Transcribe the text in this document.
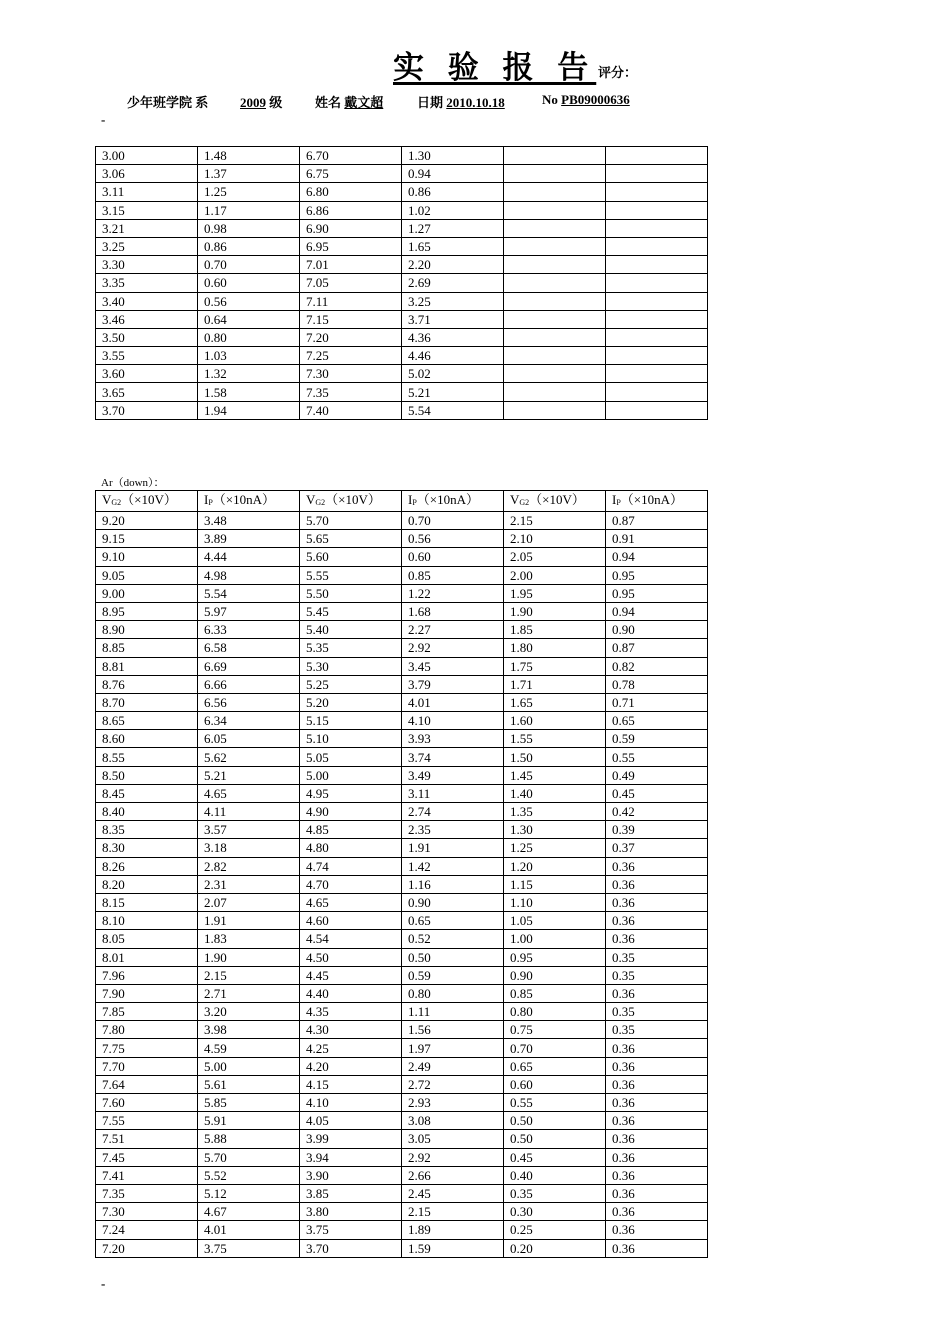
实 验 报 告 评分：
少年班学院 系 2009 级	姓名 戴文超	日期 2010.10.18	No PB09000636
-
3.00	1.48	6.70	1.30		
3.06	1.37	6.75	0.94		
3.11	1.25	6.80	0.86		
3.15	1.17	6.86	1.02		
3.21	0.98	6.90	1.27		
3.25	0.86	6.95	1.65		
3.30	0.70	7.01	2.20		
3.35	0.60	7.05	2.69		
3.40	0.56	7.11	3.25		
3.46	0.64	7.15	3.71		
3.50	0.80	7.20	4.36		
3.55	1.03	7.25	4.46		
3.60	1.32	7.30	5.02		
3.65	1.58	7.35	5.21		
3.70	1.94	7.40	5.54		
Ar（down）：
$V_{G2}(\times 10V)$	$I_P(\times 10nA)$	$V_{G2}(\times 10V)$	$I_P(\times 10nA)$	$V_{G2}(\times 10V)$	$I_P(\times 10nA)$
9.20	3.48	5.70	0.70	2.15	0.87
9.15	3.89	5.65	0.56	2.10	0.91
9.10	4.44	5.60	0.60	2.05	0.94
9.05	4.98	5.55	0.85	2.00	0.95
9.00	5.54	5.50	1.22	1.95	0.95
8.95	5.97	5.45	1.68	1.90	0.94
8.90	6.33	5.40	2.27	1.85	0.90
8.85	6.58	5.35	2.92	1.80	0.87
8.81	6.69	5.30	3.45	1.75	0.82
8.76	6.66	5.25	3.79	1.71	0.78
8.70	6.56	5.20	4.01	1.65	0.71
8.65	6.34	5.15	4.10	1.60	0.65
8.60	6.05	5.10	3.93	1.55	0.59
8.55	5.62	5.05	3.74	1.50	0.55
8.50	5.21	5.00	3.49	1.45	0.49
8.45	4.65	4.95	3.11	1.40	0.45
8.40	4.11	4.90	2.74	1.35	0.42
8.35	3.57	4.85	2.35	1.30	0.39
8.30	3.18	4.80	1.91	1.25	0.37
8.26	2.82	4.74	1.42	1.20	0.36
8.20	2.31	4.70	1.16	1.15	0.36
8.15	2.07	4.65	0.90	1.10	0.36
8.10	1.91	4.60	0.65	1.05	0.36
8.05	1.83	4.54	0.52	1.00	0.36
8.01	1.90	4.50	0.50	0.95	0.35
7.96	2.15	4.45	0.59	0.90	0.35
7.90	2.71	4.40	0.80	0.85	0.36
7.85	3.20	4.35	1.11	0.80	0.35
7.80	3.98	4.30	1.56	0.75	0.35
7.75	4.59	4.25	1.97	0.70	0.36
7.70	5.00	4.20	2.49	0.65	0.36
7.64	5.61	4.15	2.72	0.60	0.36
7.60	5.85	4.10	2.93	0.55	0.36
7.55	5.91	4.05	3.08	0.50	0.36
7.51	5.88	3.99	3.05	0.50	0.36
7.45	5.70	3.94	2.92	0.45	0.36
7.41	5.52	3.90	2.66	0.40	0.36
7.35	5.12	3.85	2.45	0.35	0.36
7.30	4.67	3.80	2.15	0.30	0.36
7.24	4.01	3.75	1.89	0.25	0.36
7.20	3.75	3.70	1.59	0.20	0.36
-
